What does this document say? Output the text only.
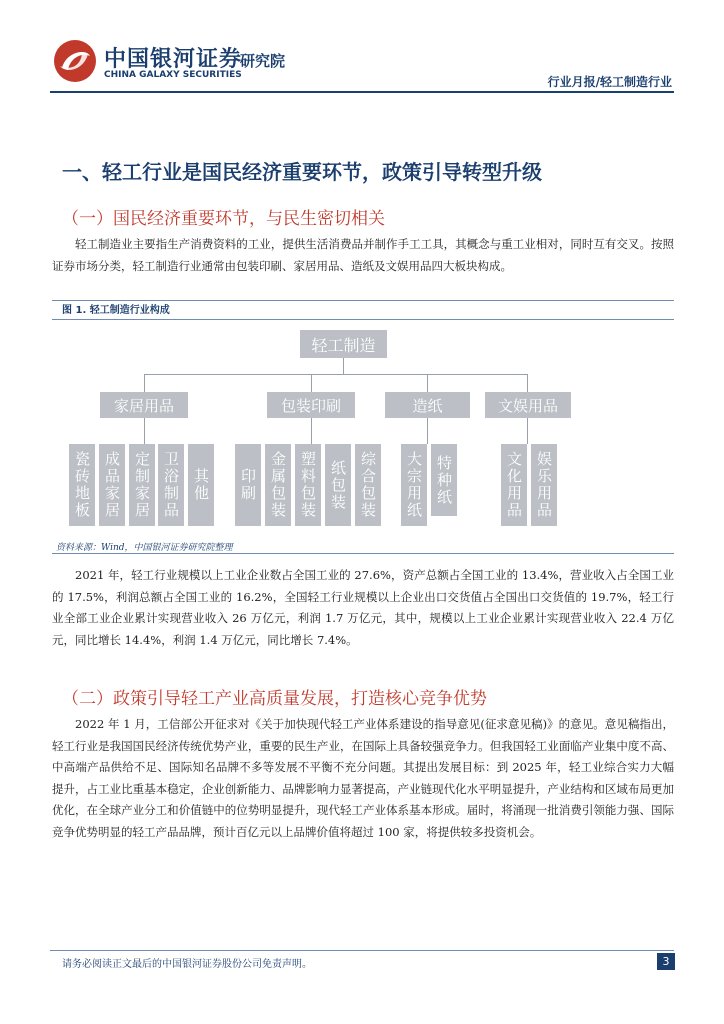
中国银河证券
CHINA GALAXY SECURITIES
研究院
行业月报/轻工制造行业
一、轻工行业是国民经济重要环节，政策引导转型升级
（一）国民经济重要环节，与民生密切相关

轻工制造业主要指生产消费资料的工业，提供生活消费品并制作手工工具，其概念与重工业相对，同时互有交叉。按照证券市场分类，轻工制造行业通常由包装印刷、家居用品、造纸及文娱用品四大板块构成。

图 1. 轻工制造行业构成
轻工制造
家居用品	包装印刷	造纸	文娱用品
瓷砖地板 成品家居 定制家居 卫浴制品 其他 印刷 金属包装 塑料包装 纸包装 综合包装 大宗用纸 特种纸	文化用品 娱乐用品
资料来源：Wind，中国银河证券研究院整理

2021 年，轻工行业规模以上工业企业数占全国工业的 27.6%，资产总额占全国工业的 13.4%，营业收入占全国工业的 17.5%，利润总额占全国工业的 16.2%，全国轻工行业规模以上企业出口交货值占全国出口交货值的 19.7%，轻工行业全部工业企业累计实现营业收入 26 万亿元，利润 1.7 万亿元，其中，规模以上工业企业累计实现营业收入 22.4 万亿元，同比增长 14.4%，利润 1.4 万亿元，同比增长 7.4%。

（二）政策引导轻工产业高质量发展，打造核心竞争优势

2022 年 1 月，工信部公开征求对《关于加快现代轻工产业体系建设的指导意见(征求意见稿)》的意见。意见稿指出，轻工行业是我国国民经济传统优势产业，重要的民生产业，在国际上具备较强竞争力。但我国轻工业面临产业集中度不高、中高端产品供给不足、国际知名品牌不多等发展不平衡不充分问题。其提出发展目标：到 2025 年，轻工业综合实力大幅提升，占工业比重基本稳定，企业创新能力、品牌影响力显著提高，产业链现代化水平明显提升，产业结构和区域布局更加优化，在全球产业分工和价值链中的位势明显提升，现代轻工产业体系基本形成。届时，将涌现一批消费引领能力强、国际竞争优势明显的轻工产品品牌，预计百亿元以上品牌价值将超过 100 家，将提供较多投资机会。

请务必阅读正文最后的中国银河证券股份公司免责声明。	3
